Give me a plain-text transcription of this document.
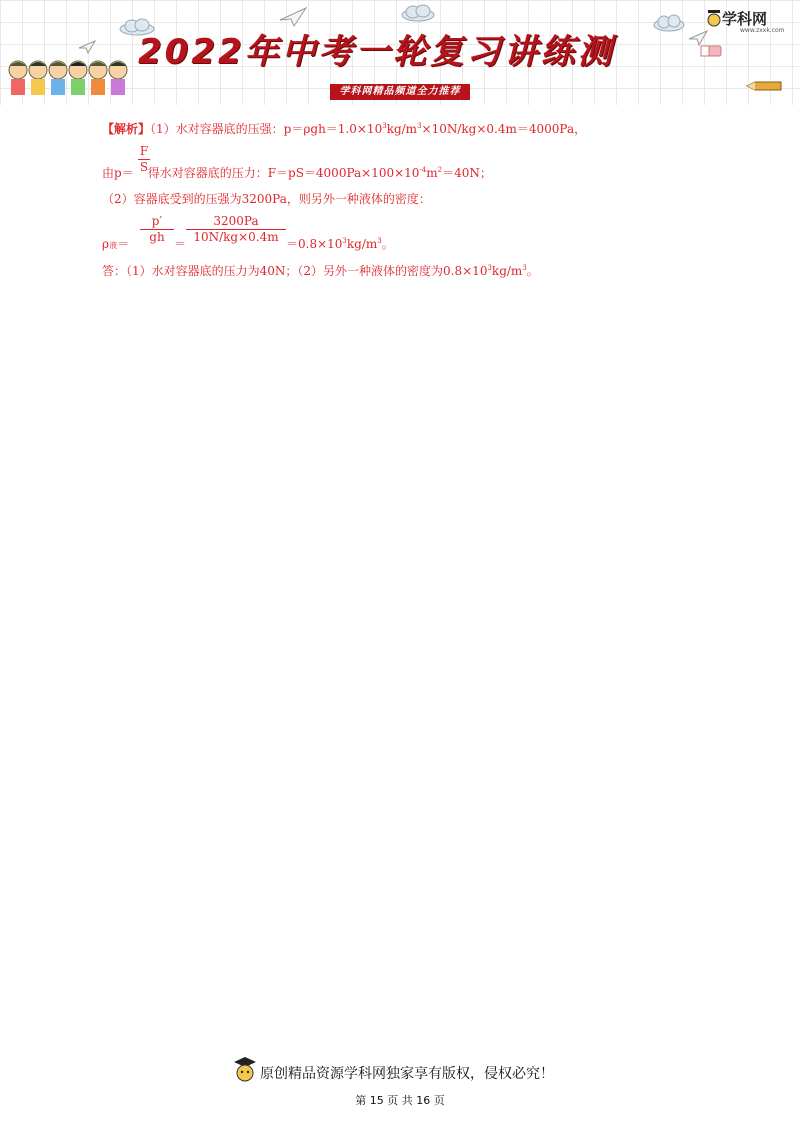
2022年中考一轮复习讲练测
学科网精品频道全力推荐
学科网
www.zxxk.com
【解析】（1）水对容器底的压强：$p=\rho gh=1.0\times 10^3kg/m^3\times 10N/kg\times 0.4m=4000Pa$，
F
S
由p＝ 得水对容器底的压力：$F=pS=4000Pa\times 100\times 10^{-4}m^2=40N$；
（2）容器底受到的压强为3200Pa，则另外一种液体的密度：
ρ液＝
p′
gh ＝
3200Pa
$10N/kg\times 0.4m =0.8\times 10^3kg/m^3$。
答：（1）水对容器底的压力为40N；（2）另外一种液体的密度为$0.8\times 10^3kg/m^3$。
原创精品资源学科网独家享有版权，侵权必究！
第 15 页 共 16 页
